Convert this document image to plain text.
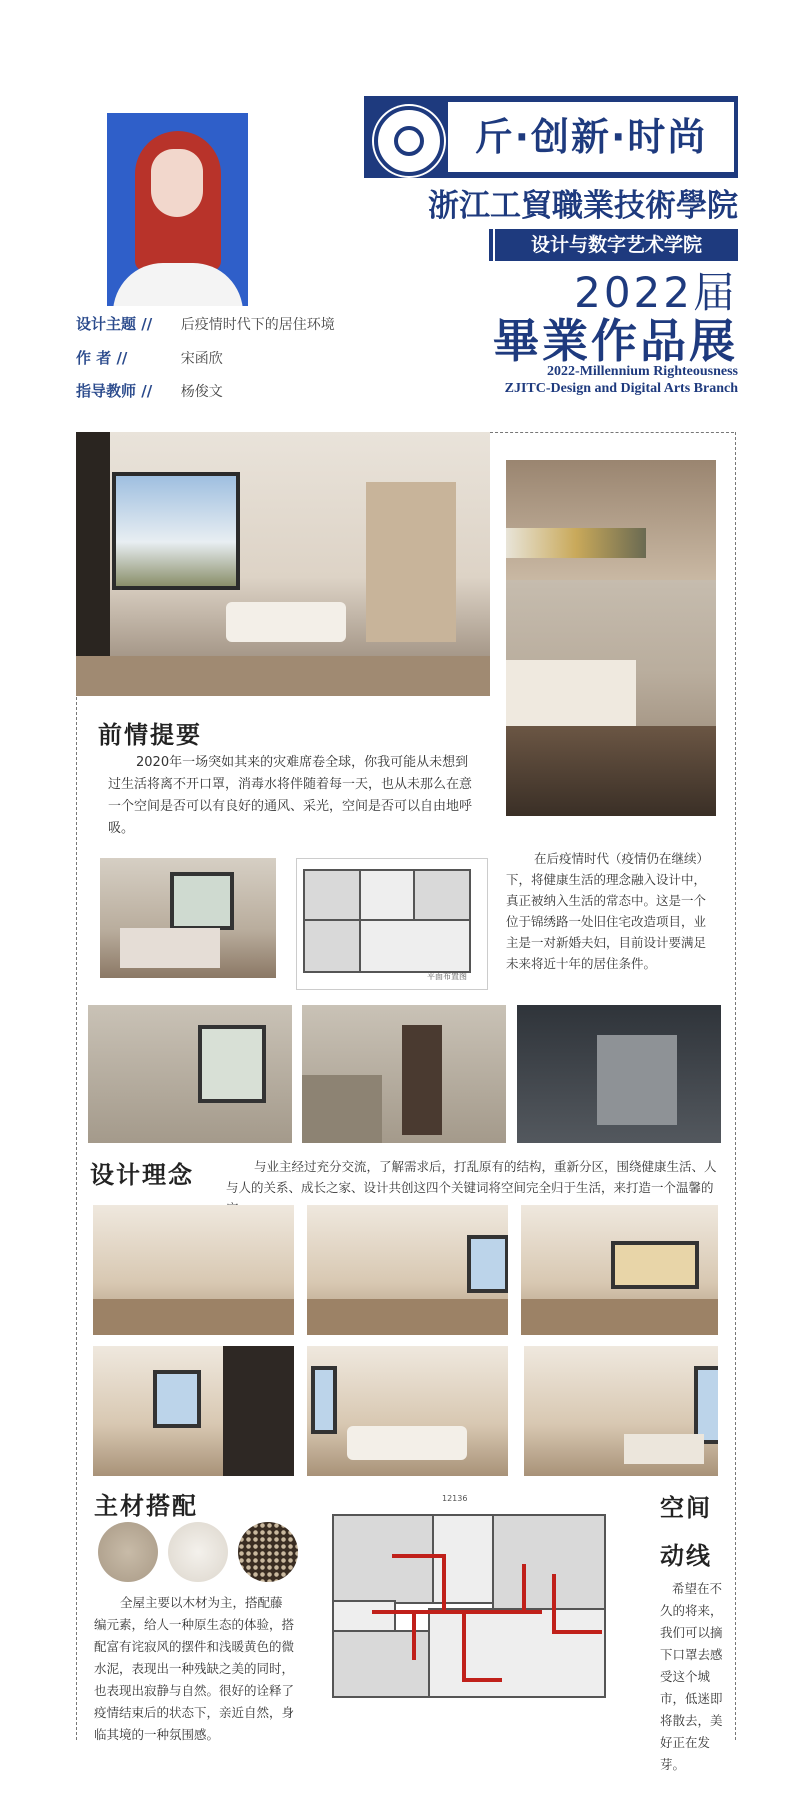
设计主题 // 后疫情时代下的居住环境
作 者 //	宋函欣
指导教师 // 杨俊文
斤·创新·时尚
浙江工貿職業技術學院
设计与数字艺术学院
2022届
畢業作品展
2022-Millennium Righteousness
ZJITC-Design and Digital Arts Branch
前情提要
2020年一场突如其来的灾难席卷全球，你我可能从未想到过生活将离不开口罩，消毒水将伴随着每一天，也从未那么在意一个空间是否可以有良好的通风、采光，空间是否可以自由地呼吸。
平面布置图
在后疫情时代（疫情仍在继续）下，将健康生活的理念融入设计中，真正被纳入生活的常态中。这是一个位于锦绣路一处旧住宅改造项目，业主是一对新婚夫妇，目前设计要满足未来将近十年的居住条件。
设计理念	与业主经过充分交流，了解需求后，打乱原有的结构，重新分区，围绕健康生活、人与人的关系、成长之家、设计共创这四个关键词将空间完全归于生活，来打造一个温馨的
主材搭配
全屋主要以木材为主，搭配藤编元素，给人一种原生态的体验，搭配富有诧寂风的摆件和浅暖黄色的微水泥，表现出一种残缺之美的同时，也表现出寂静与自然。很好的诠释了疫情结束后的状态下，亲近自然，身临其境的一种氛围感。
12136	空间
动线
希望在不久的将来，我们可以摘下口罩去感受这个城市，低迷即将散去，美好正在发芽。
